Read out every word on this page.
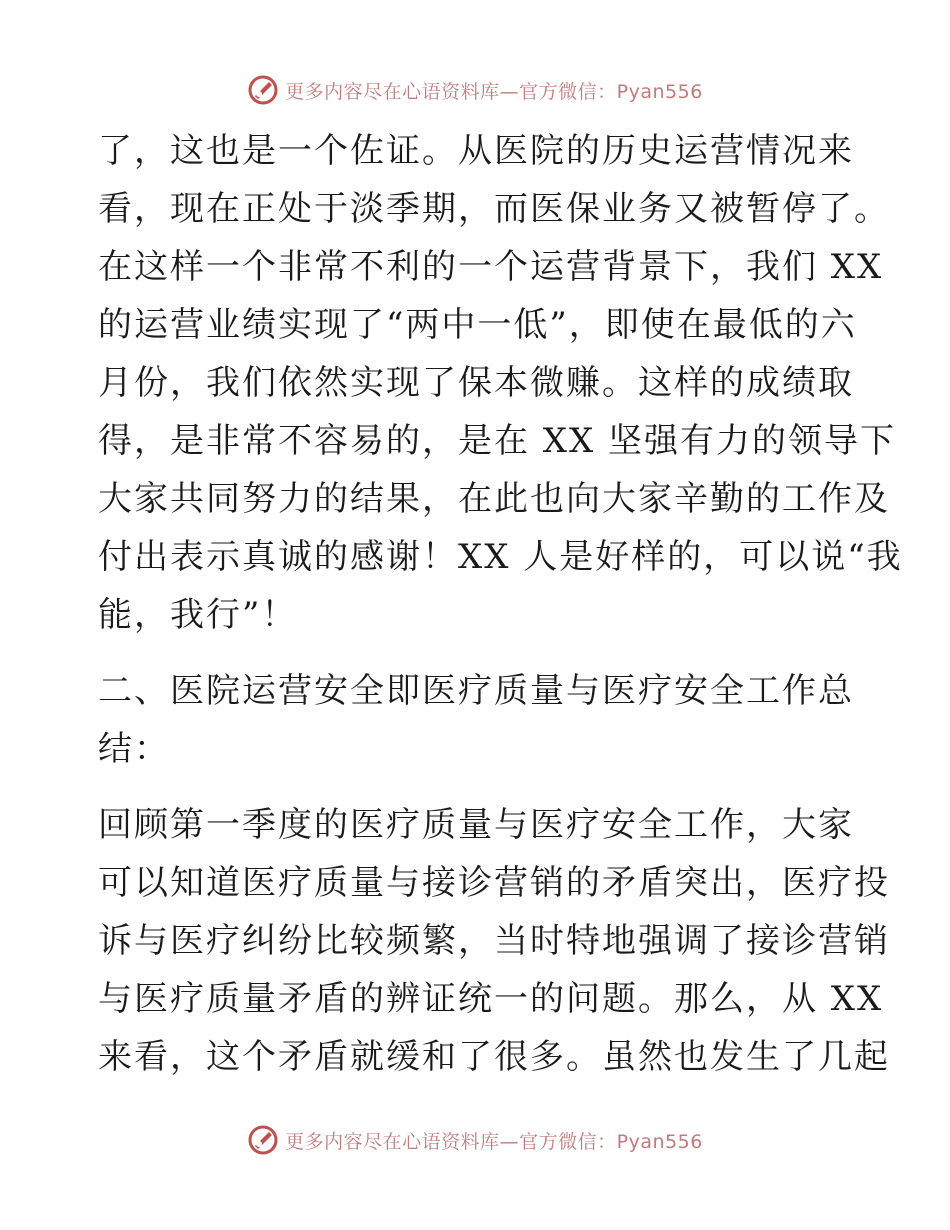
更多内容尽在心语资料库—官方微信：Pyan556

了，这也是一个佐证。从医院的历史运营情况来
看，现在正处于淡季期，而医保业务又被暂停了。
在这样一个非常不利的一个运营背景下，我们 XX
的运营业绩实现了“两中一低”，即使在最低的六
月份，我们依然实现了保本微赚。这样的成绩取
得，是非常不容易的，是在 XX 坚强有力的领导下
大家共同努力的结果，在此也向大家辛勤的工作及
付出表示真诚的感谢！XX 人是好样的，可以说“我
能，我行”！

二、医院运营安全即医疗质量与医疗安全工作总
结：

回顾第一季度的医疗质量与医疗安全工作，大家
可以知道医疗质量与接诊营销的矛盾突出，医疗投
诉与医疗纠纷比较频繁，当时特地强调了接诊营销
与医疗质量矛盾的辨证统一的问题。那么，从 XX
来看，这个矛盾就缓和了很多。虽然也发生了几起

更多内容尽在心语资料库—官方微信：Pyan556
